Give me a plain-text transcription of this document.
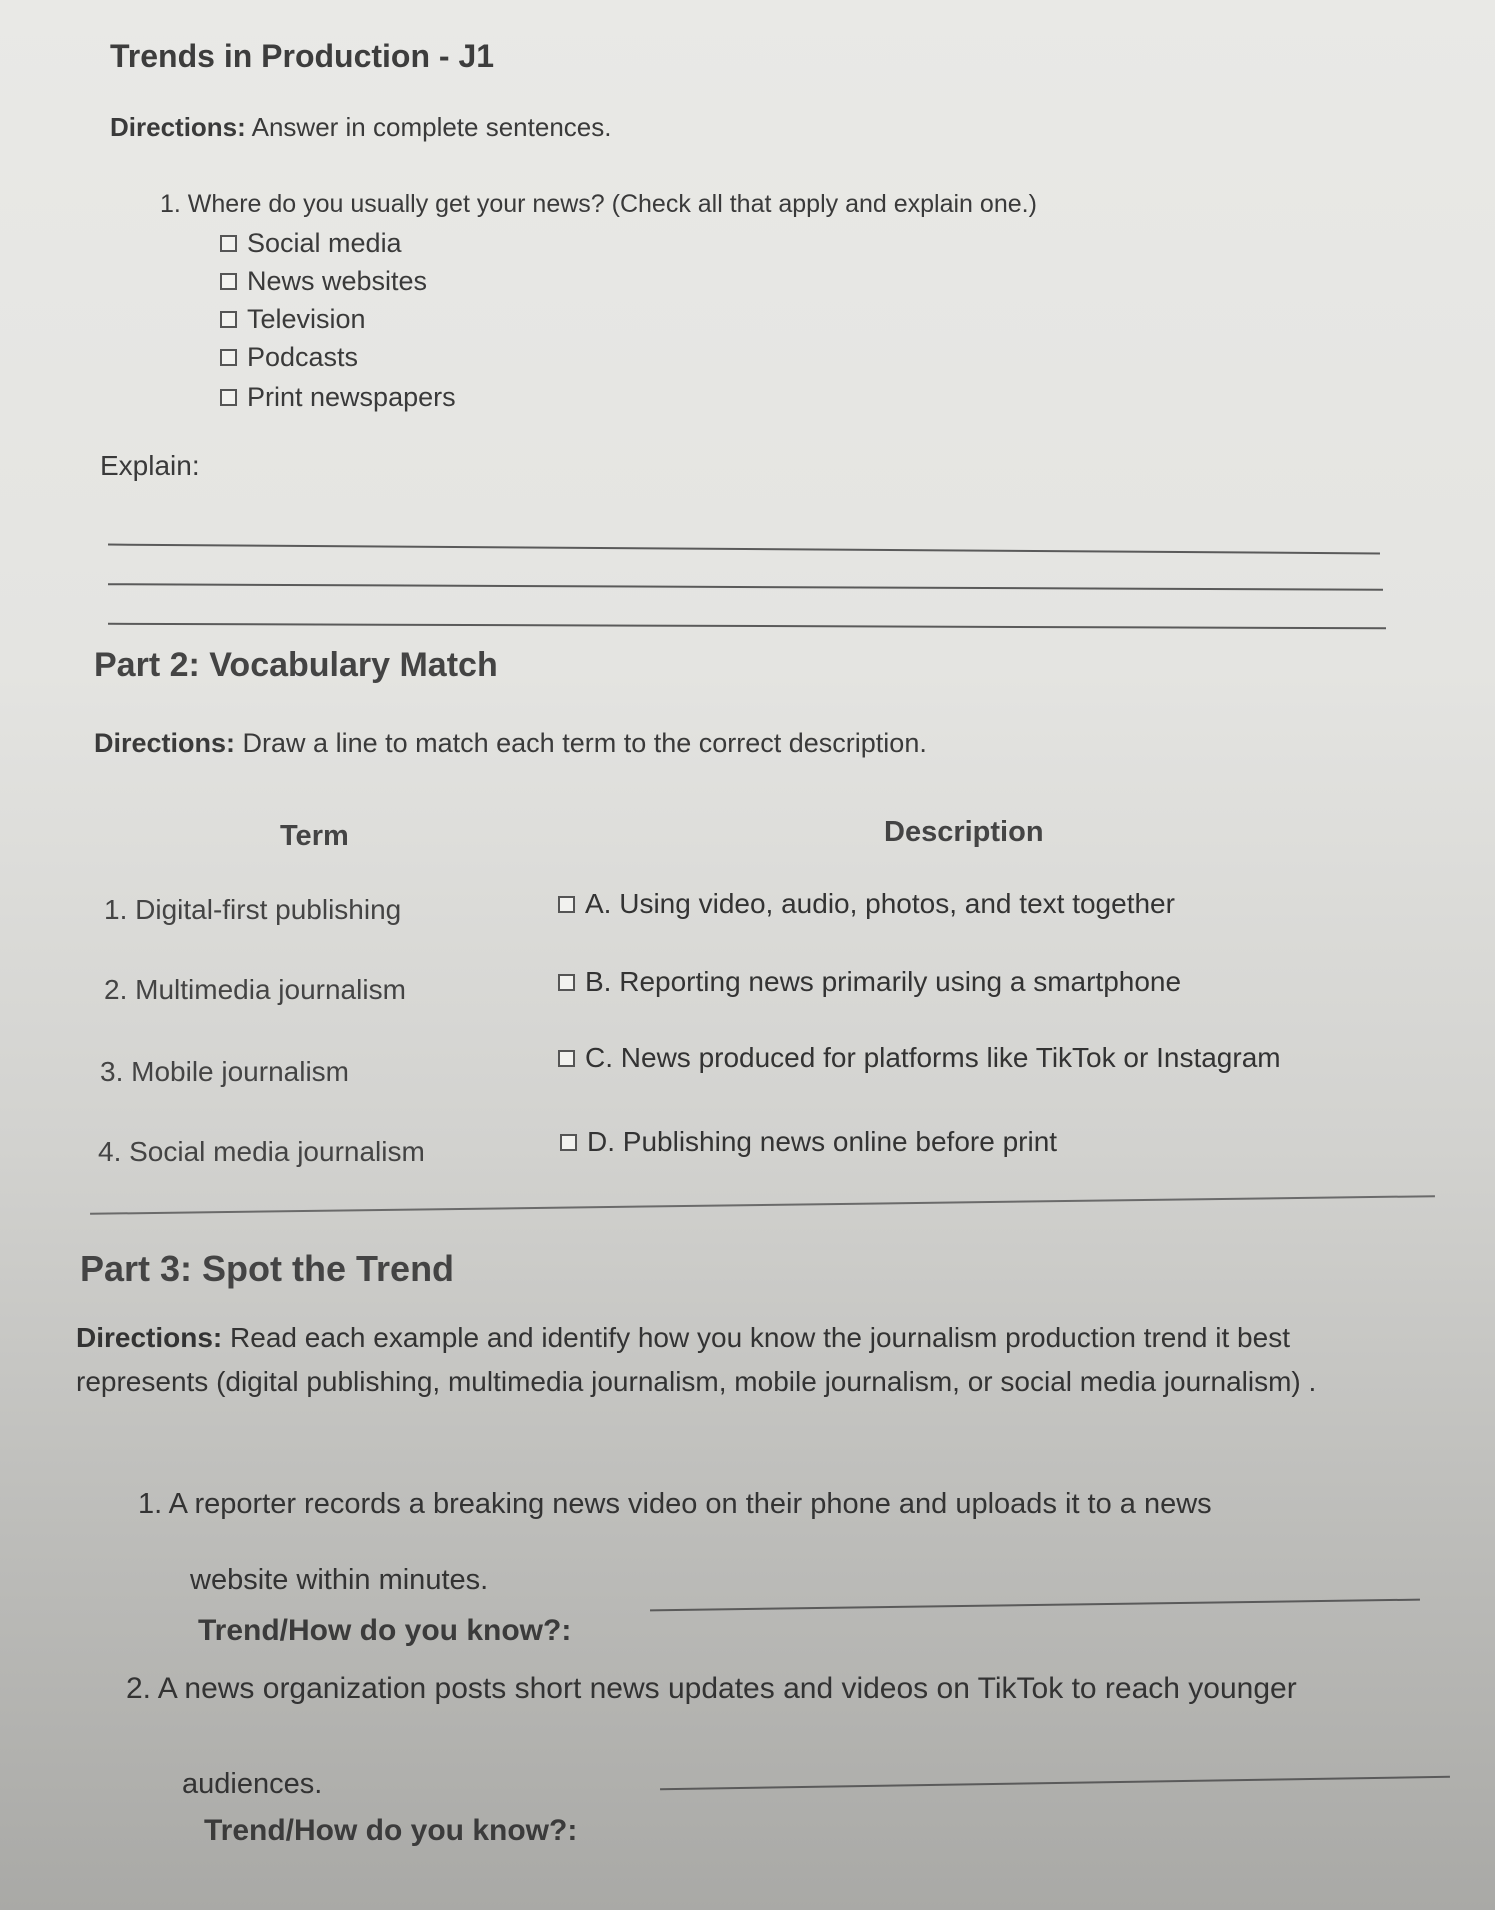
Trends in Production - J1
Directions: Answer in complete sentences.
1. Where do you usually get your news? (Check all that apply and explain one.)
Social media
News websites
Television
Podcasts
Print newspapers
Explain:
Part 2: Vocabulary Match
Directions: Draw a line to match each term to the correct description.
Term	Description
1. Digital-first publishing
2. Multimedia journalism
3. Mobile journalism
4. Social media journalism
A. Using video, audio, photos, and text together
B. Reporting news primarily using a smartphone
C. News produced for platforms like TikTok or Instagram
D. Publishing news online before print
Part 3: Spot the Trend
Directions: Read each example and identify how you know the journalism production trend it best represents (digital publishing, multimedia journalism, mobile journalism, or social media journalism) .
1. A reporter records a breaking news video on their phone and uploads it to a news
website within minutes.
Trend/How do you know?:
2. A news organization posts short news updates and videos on TikTok to reach younger
audiences.
Trend/How do you know?:
